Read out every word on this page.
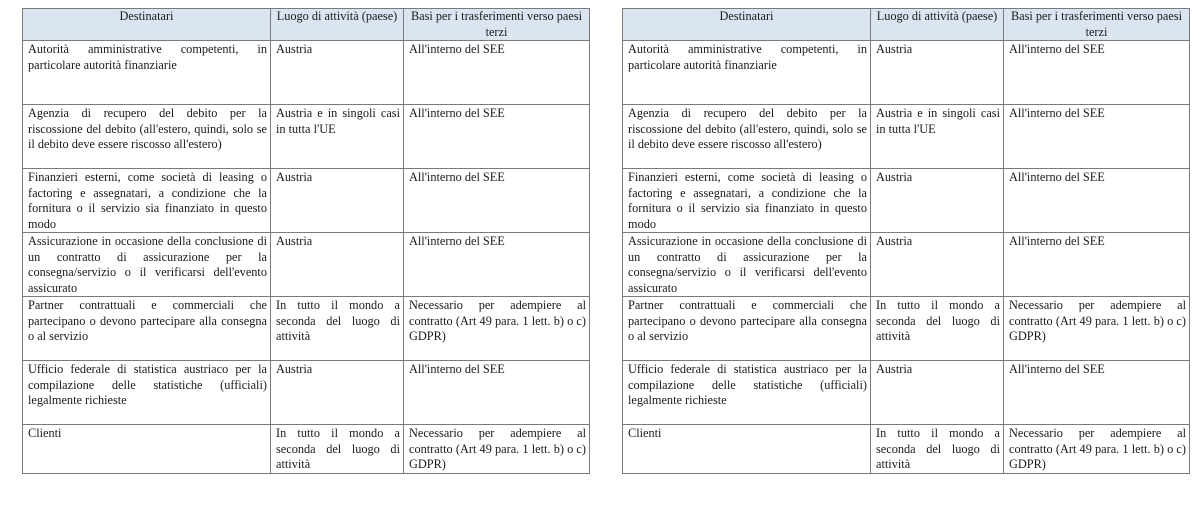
Destinatari	Luogo di attività (paese)	Basi per i trasferimenti verso paesi terzi
Autorità amministrative competenti, in particolare autorità finanziarie	Austria	All'interno del SEE
Agenzia di recupero del debito per la riscossione del debito (all'estero, quindi, solo se il debito deve essere riscosso all'estero)	Austria e in singoli casi in tutta l'UE	All'interno del SEE
Finanzieri esterni, come società di leasing o factoring e assegnatari, a condizione che la fornitura o il servizio sia finanziato in questo modo	Austria	All'interno del SEE
Assicurazione in occasione della conclusione di un contratto di assicurazione per la consegna/servizio o il verificarsi dell'evento assicurato	Austria	All'interno del SEE
Partner contrattuali e commerciali che partecipano o devono partecipare alla consegna o al servizio	In tutto il mondo a seconda del luogo di attività	Necessario per adempiere al contratto (Art 49 para. 1 lett. b) o c) GDPR)
Ufficio federale di statistica austriaco per la compilazione delle statistiche (ufficiali) legalmente richieste	Austria	All'interno del SEE
Clienti	In tutto il mondo a seconda del luogo di attività	Necessario per adempiere al contratto (Art 49 para. 1 lett. b) o c) GDPR)
Destinatari	Luogo di attività (paese)	Basi per i trasferimenti verso paesi terzi
Autorità amministrative competenti, in particolare autorità finanziarie	Austria	All'interno del SEE
Agenzia di recupero del debito per la riscossione del debito (all'estero, quindi, solo se il debito deve essere riscosso all'estero)	Austria e in singoli casi in tutta l'UE	All'interno del SEE
Finanzieri esterni, come società di leasing o factoring e assegnatari, a condizione che la fornitura o il servizio sia finanziato in questo modo	Austria	All'interno del SEE
Assicurazione in occasione della conclusione di un contratto di assicurazione per la consegna/servizio o il verificarsi dell'evento assicurato	Austria	All'interno del SEE
Partner contrattuali e commerciali che partecipano o devono partecipare alla consegna o al servizio	In tutto il mondo a seconda del luogo di attività	Necessario per adempiere al contratto (Art 49 para. 1 lett. b) o c) GDPR)
Ufficio federale di statistica austriaco per la compilazione delle statistiche (ufficiali) legalmente richieste	Austria	All'interno del SEE
Clienti	In tutto il mondo a seconda del luogo di attività	Necessario per adempiere al contratto (Art 49 para. 1 lett. b) o c) GDPR)
